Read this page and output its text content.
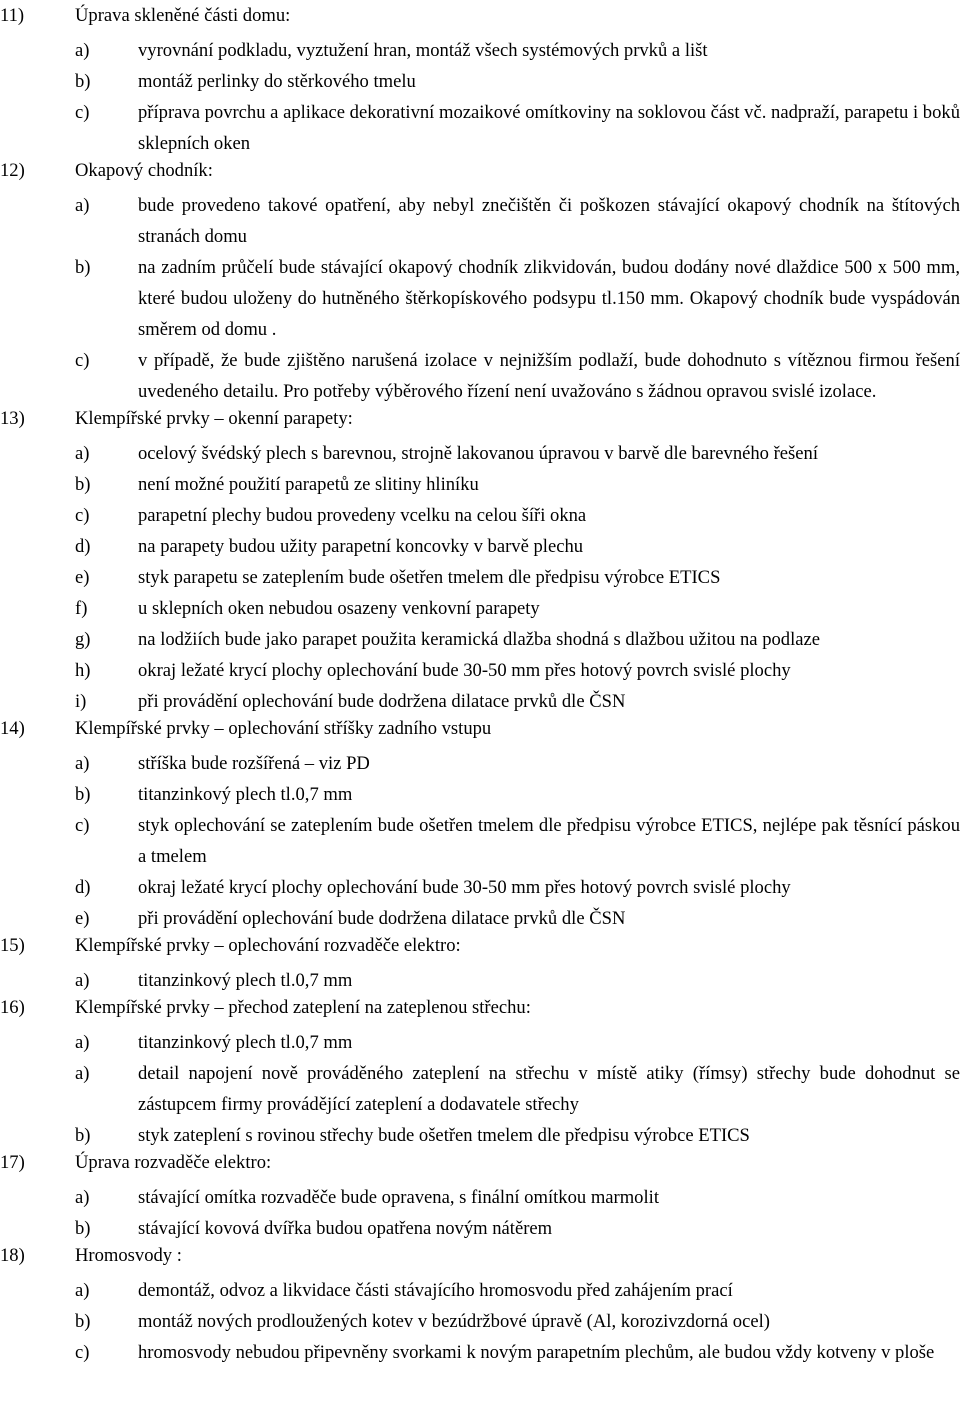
11)	Úprava skleněné části domu:
a)	vyrovnání podkladu, vyztužení hran, montáž všech systémových prvků a lišt
b)	montáž perlinky do stěrkového tmelu
c)	příprava povrchu a aplikace dekorativní mozaikové omítkoviny na soklovou část vč. nadpraží, parapetu i boků sklepních oken
12)	Okapový chodník:
a)	bude provedeno takové opatření, aby nebyl znečištěn či poškozen stávající okapový chodník na štítových stranách domu
b)	na zadním průčelí bude stávající okapový chodník zlikvidován, budou dodány nové dlaždice 500 x 500 mm, které budou uloženy do hutněného štěrkopískového podsypu tl.150 mm. Okapový chodník bude vyspádován směrem od domu .
c)	v případě, že bude zjištěno narušená izolace v nejnižším podlaží, bude dohodnuto s vítěznou firmou řešení uvedeného detailu. Pro potřeby výběrového řízení není uvažováno s žádnou opravou svislé izolace.
13)	Klempířské prvky – okenní parapety:
a)	ocelový švédský plech s barevnou, strojně lakovanou úpravou v barvě dle barevného řešení
b)	není možné použití parapetů ze slitiny hliníku
c)	parapetní plechy budou provedeny vcelku na celou šíři okna
d)	na parapety budou užity parapetní koncovky v barvě plechu
e)	styk parapetu se zateplením bude ošetřen tmelem dle předpisu výrobce ETICS
f)	u sklepních oken nebudou osazeny venkovní parapety
g)	na lodžiích bude jako parapet použita keramická dlažba shodná s dlažbou užitou na podlaze
h)	okraj ležaté krycí plochy oplechování bude 30-50 mm přes hotový povrch svislé plochy
i)	při provádění oplechování bude dodržena dilatace prvků dle ČSN
14)	Klempířské prvky – oplechování stříšky zadního vstupu
a)	stříška bude rozšířená – viz PD
b)	titanzinkový plech tl.0,7 mm
c)	styk oplechování se zateplením bude ošetřen tmelem dle předpisu výrobce ETICS, nejlépe pak těsnící páskou a tmelem
d)	okraj ležaté krycí plochy oplechování bude 30-50 mm přes hotový povrch svislé plochy
e)	při provádění oplechování bude dodržena dilatace prvků dle ČSN
15)	Klempířské prvky – oplechování rozvaděče elektro:
a)	titanzinkový plech tl.0,7 mm
16)	Klempířské prvky – přechod zateplení na zateplenou střechu:
a)	titanzinkový plech tl.0,7 mm
a)	detail napojení nově prováděného zateplení na střechu v místě atiky (římsy) střechy bude dohodnut se zástupcem firmy provádějící zateplení a dodavatele střechy
b)	styk zateplení s rovinou střechy bude ošetřen tmelem dle předpisu výrobce ETICS
17)	Úprava rozvaděče elektro:
a)	stávající omítka rozvaděče bude opravena, s finální omítkou marmolit
b)	stávající kovová dvířka budou opatřena novým nátěrem
18)	Hromosvody :
a)	demontáž, odvoz a likvidace části stávajícího hromosvodu před zahájením prací
b)	montáž nových prodloužených kotev v bezúdržbové úpravě (Al, korozivzdorná ocel)
c)	hromosvody nebudou připevněny svorkami k novým parapetním plechům, ale budou vždy kotveny v ploše
